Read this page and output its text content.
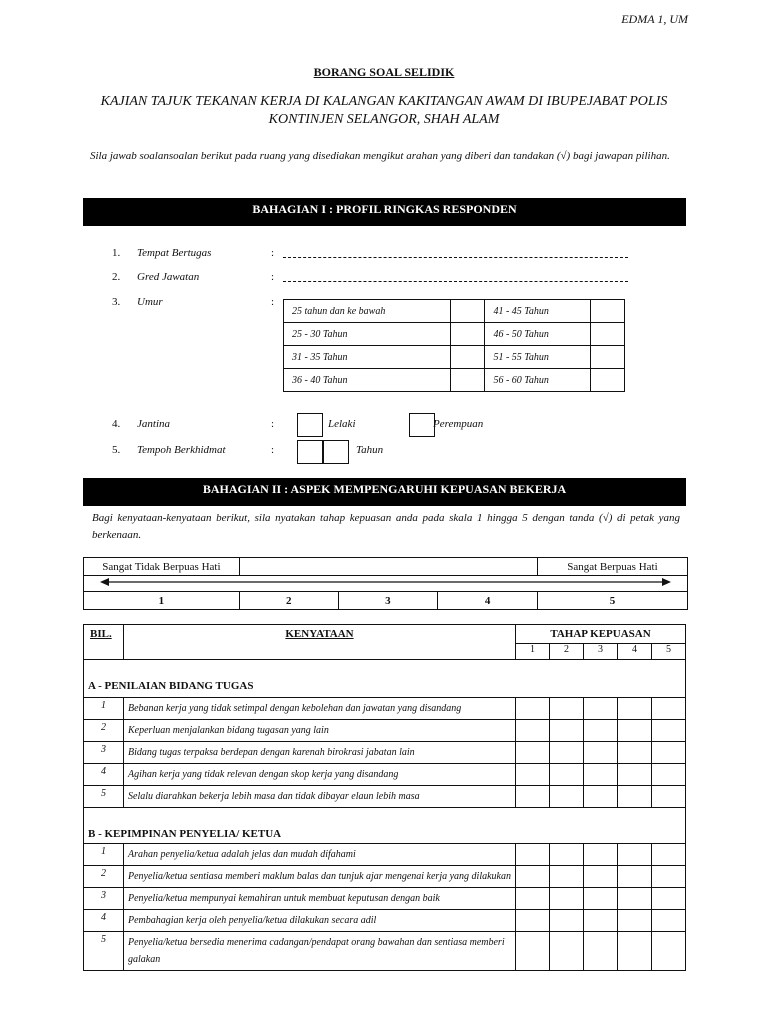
EDMA 1, UM
BORANG SOAL SELIDIK
KAJIAN TAJUK TEKANAN KERJA DI KALANGAN KAKITANGAN AWAM DI IBUPEJABAT POLIS
KONTINJEN SELANGOR, SHAH ALAM
Sila jawab soalansoalan berikut pada ruang yang disediakan mengikut arahan yang diberi dan tandakan (√) bagi jawapan pilihan.
BAHAGIAN I : PROFIL RINGKAS RESPONDEN
1. Tempat Bertugas	:
2. Gred Jawatan	:
3. Umur	:
25 tahun dan ke bawah		41 - 45 Tahun	
25 - 30 Tahun		46 - 50 Tahun	
31 - 35 Tahun		51 - 55 Tahun	
36 - 40 Tahun		56 - 60 Tahun	
4. Jantina	:	Lelaki	Perempuan
5. Tempoh Berkhidmat	:	Tahun
BAHAGIAN II : ASPEK MEMPENGARUHI KEPUASAN BEKERJA
Bagi kenyataan-kenyataan berikut, sila nyatakan tahap kepuasan anda pada skala 1 hingga 5 dengan tanda (√) di petak yang berkenaan.
Sangat Tidak Berpuas Hati				Sangat Berpuas Hati

1	2	3	4	5
BIL.	KENYATAAN	TAHAP KEPUASAN				
		1	2	3	4	5
A - PENILAIAN BIDANG TUGAS						
1	Bebanan kerja yang tidak setimpal dengan kebolehan dan jawatan yang disandang					
2	Keperluan menjalankan bidang tugasan yang lain					
3	Bidang tugas terpaksa berdepan dengan karenah birokrasi jabatan lain					
4	Agihan kerja yang tidak relevan dengan skop kerja yang disandang					
5	Selalu diarahkan bekerja lebih masa dan tidak dibayar elaun lebih masa					
B - KEPIMPINAN PENYELIA/ KETUA						
1	Arahan penyelia/ketua adalah jelas dan mudah difahami					
2	Penyelia/ketua sentiasa memberi maklum balas dan tunjuk ajar mengenai kerja yang dilakukan					
3	Penyelia/ketua mempunyai kemahiran untuk membuat keputusan dengan baik					
4	Pembahagian kerja oleh penyelia/ketua dilakukan secara adil					
5	Penyelia/ketua bersedia menerima cadangan/pendapat orang bawahan dan sentiasa memberi galakan					
